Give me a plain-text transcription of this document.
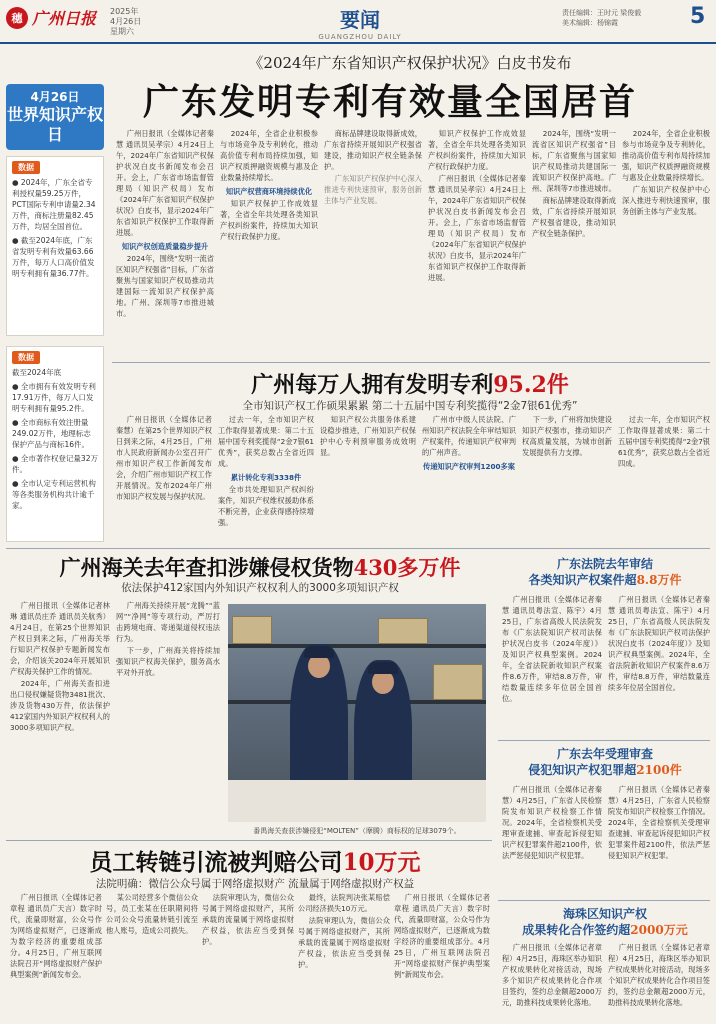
穗 广州日报 2025年
4月26日
星期六	要闻
GUANGZHOU DAILY
责任编辑：王时元 梁俊毅
美术编辑：杨锦霞	5
《2024年广东省知识产权保护状况》白皮书发布
广东发明专利有效量全国居首

广州日报讯（全媒体记者秦慧 通讯员吴孝宗）4月24日上午，2024年广东省知识产权保护状况白皮书新闻发布会召开。会上，广东省市场监督管理局（知识产权局）发布《2024年广东省知识产权保护状况》白皮书，显示2024年广东省知识产权保护工作取得新进展。

知识产权创造质量稳步提升

2024年，围绕“发明一流省区知识产权强省”目标，广东省聚焦与国家知识产权局推动共建国际一流知识产权保护高地。广州、深圳等7市推进城市。

2024年，全省企业积极参与市场竞争及专利转化，推动高价值专利布局持续加强，知识产权质押融资规模与惠及企业数量持续增长。

知识产权营商环境持续优化

知识产权保护工作成效显著，全省全年共处理各类知识产权纠纷案件，持续加大知识产权行政保护力度。

商标品牌建设取得新成效，广东省持续开展知识产权强省建设，推动知识产权全链条保护。

广东知识产权保护中心深入推进专利快速预审，服务创新主体与产业发展。

知识产权保护工作成效显著，全省全年共处理各类知识产权纠纷案件，持续加大知识产权行政保护力度。

广州日报讯（全媒体记者秦慧 通讯员吴孝宗）4月24日上午，2024年广东省知识产权保护状况白皮书新闻发布会召开。会上，广东省市场监督管理局（知识产权局）发布《2024年广东省知识产权保护状况》白皮书，显示2024年广东省知识产权保护工作取得新进展。

2024年，围绕“发明一流省区知识产权强省”目标，广东省聚焦与国家知识产权局推动共建国际一流知识产权保护高地。广州、深圳等7市推进城市。

商标品牌建设取得新成效，广东省持续开展知识产权强省建设，推动知识产权全链条保护。

2024年，全省企业积极参与市场竞争及专利转化，推动高价值专利布局持续加强，知识产权质押融资规模与惠及企业数量持续增长。

广东知识产权保护中心深入推进专利快速预审，服务创新主体与产业发展。

4月26日
世界知识产权日
数据

● 2024年，广东全省专利授权量59.25万件，PCT国际专利申请量2.34万件，商标注册量82.45万件，均居全国首位。

● 截至2024年底，广东省发明专利有效量63.66万件，每万人口高价值发明专利拥有量36.77件。

数据

截至2024年底

● 全市拥有有效发明专利17.91万件，每万人口发明专利拥有量95.2件。

● 全市商标有效注册量249.02万件，地理标志保护产品与商标16件。

● 全市著作权登记量32万件。

● 全市认定专利运营机构等各类服务机构共计逾千家。

广州每万人拥有发明专利95.2件
全市知识产权工作硕果累累 第二十五届中国专利奖揽得“2金7银61优秀”

广州日报讯（全媒体记者秦慧）在第25个世界知识产权日到来之际，4月25日，广州市人民政府新闻办公室召开广州市知识产权工作新闻发布会，介绍广州市知识产权工作开展情况。发布2024年广州市知识产权发展与保护状况。

过去一年，全市知识产权工作取得显著成果：第二十五届中国专利奖揽得“2金7银61优秀”，获奖总数占全省近四成。

累计转化专利3338件

全市共处理知识产权纠纷案件，知识产权维权援助体系不断完善，企业获得感持续增强。

知识产权公共服务体系建设稳步推进，广州知识产权保护中心专利预审服务成效明显。

广州市中级人民法院、广州知识产权法院全年审结知识产权案件，传递知识产权审判的广州声音。

传递知识产权审判1200多案

下一步，广州将加快建设知识产权强市，推动知识产权高质量发展，为城市创新发展提供有力支撑。

过去一年，全市知识产权工作取得显著成果：第二十五届中国专利奖揽得“2金7银61优秀”，获奖总数占全省近四成。

广州海关去年查扣涉嫌侵权货物430多万件
依法保护412家国内外知识产权权利人的3000多项知识产权

广州日报讯（全媒体记者林琳 通讯员庄乔 通讯员关航秀）4月24日，在第25个世界知识产权日到来之际，广州海关举行知识产权保护专题新闻发布会，介绍该关2024年开展知识产权海关保护工作的情况。

2024年，广州海关查扣进出口侵权嫌疑货物3481批次、涉及货物430万件，依法保护412家国内外知识产权权利人的3000多项知识产权。

广州海关持续开展“龙腾”“蓝网”“净网”等专项行动，严厉打击跨境电商、寄递渠道侵权违法行为。

下一步，广州海关将持续加强知识产权海关保护，服务高水平对外开放。

番禺海关查获涉嫌侵犯“MOLTEN”（摩腾）商标权的足球3079个。
员工转链引流被判赔公司10万元
法院明确：微信公众号属于网络虚拟财产 流量属于网络虚拟财产权益

广州日报讯（全媒体记者章程 通讯员广天言）数字时代，流量即财富，公众号作为网络虚拟财产，已逐渐成为数字经济的重要组成部分。4月25日，广州互联网法院召开“网络虚拟财产保护典型案例”新闻发布会。

某公司经营多个微信公众号，员工张某在任职期间将公司公众号流量转链引流至他人账号，造成公司损失。

法院审理认为，微信公众号属于网络虚拟财产，其所承载的流量属于网络虚拟财产权益，依法应当受到保护。

最终，法院判决张某赔偿公司经济损失10万元。

法院审理认为，微信公众号属于网络虚拟财产，其所承载的流量属于网络虚拟财产权益，依法应当受到保护。

广州日报讯（全媒体记者章程 通讯员广天言）数字时代，流量即财富，公众号作为网络虚拟财产，已逐渐成为数字经济的重要组成部分。4月25日，广州互联网法院召开“网络虚拟财产保护典型案例”新闻发布会。

广东法院去年审结
各类知识产权案件超8.8万件

广州日报讯（全媒体记者秦慧 通讯员粤法宣、陈宇）4月25日，广东省高级人民法院发布《广东法院知识产权司法保护状况白皮书（2024年度）》及知识产权典型案例。2024年，全省法院新收知识产权案件8.6万件，审结8.8万件，审结数量连续多年位居全国首位。

广州日报讯（全媒体记者秦慧 通讯员粤法宣、陈宇）4月25日，广东省高级人民法院发布《广东法院知识产权司法保护状况白皮书（2024年度）》及知识产权典型案例。2024年，全省法院新收知识产权案件8.6万件，审结8.8万件，审结数量连续多年位居全国首位。

广东去年受理审查
侵犯知识产权犯罪超2100件

广州日报讯（全媒体记者秦慧）4月25日，广东省人民检察院发布知识产权检察工作情况。2024年，全省检察机关受理审查逮捕、审查起诉侵犯知识产权犯罪案件超2100件，依法严惩侵犯知识产权犯罪。

广州日报讯（全媒体记者秦慧）4月25日，广东省人民检察院发布知识产权检察工作情况。2024年，全省检察机关受理审查逮捕、审查起诉侵犯知识产权犯罪案件超2100件，依法严惩侵犯知识产权犯罪。

海珠区知识产权
成果转化合作签约超2000万元

广州日报讯（全媒体记者章程）4月25日，海珠区举办知识产权成果转化对接活动，现场多个知识产权成果转化合作项目签约，签约总金额超2000万元，助推科技成果转化落地。

广州日报讯（全媒体记者章程）4月25日，海珠区举办知识产权成果转化对接活动，现场多个知识产权成果转化合作项目签约，签约总金额超2000万元，助推科技成果转化落地。
